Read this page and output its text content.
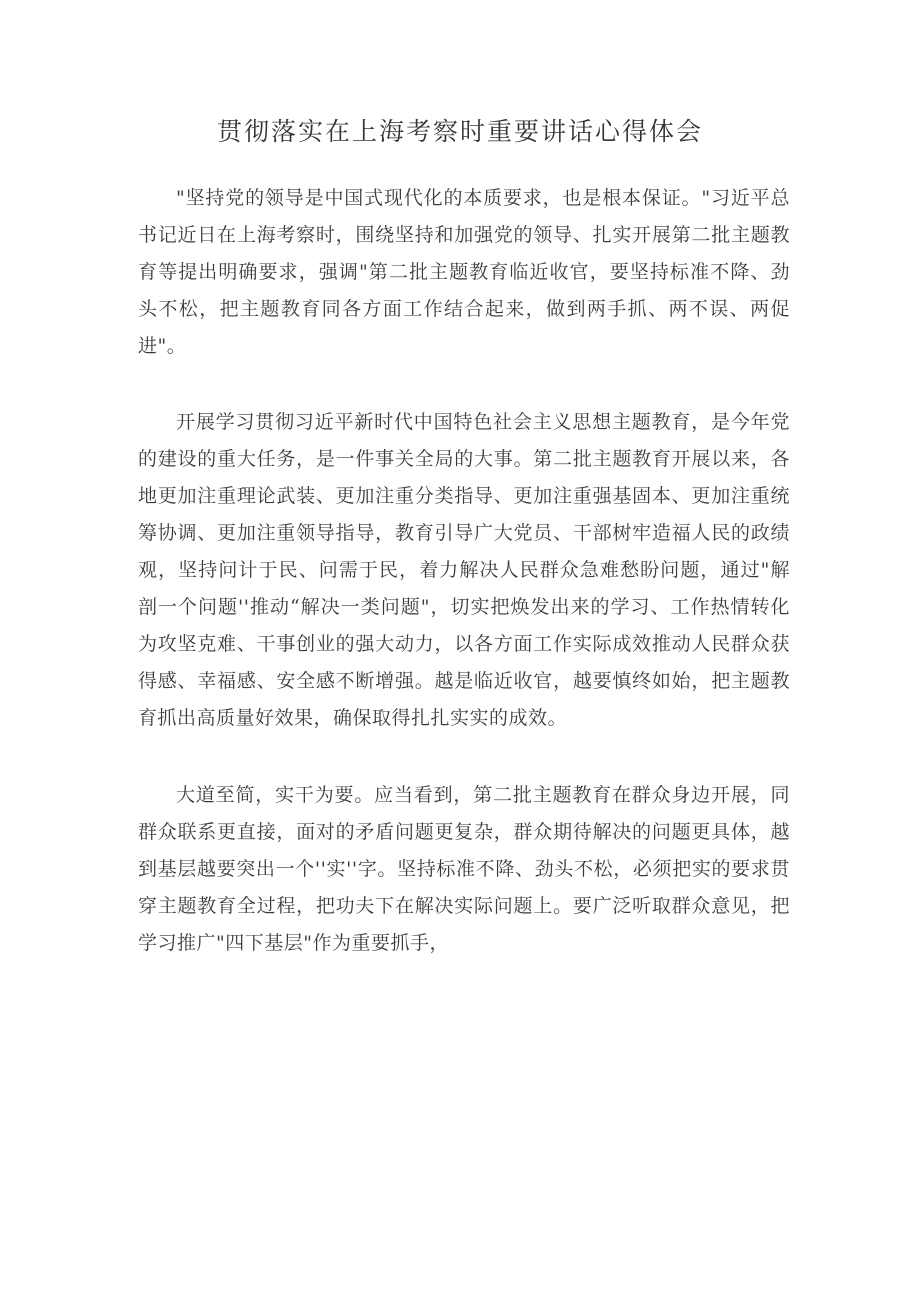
贯彻落实在上海考察时重要讲话心得体会

"坚持党的领导是中国式现代化的本质要求，也是根本保证。"习近平总书记近日在上海考察时，围绕坚持和加强党的领导、扎实开展第二批主题教育等提出明确要求，强调"第二批主题教育临近收官，要坚持标准不降、劲头不松，把主题教育同各方面工作结合起来，做到两手抓、两不误、两促进"。

开展学习贯彻习近平新时代中国特色社会主义思想主题教育，是今年党的建设的重大任务，是一件事关全局的大事。第二批主题教育开展以来，各地更加注重理论武装、更加注重分类指导、更加注重强基固本、更加注重统筹协调、更加注重领导指导，教育引导广大党员、干部树牢造福人民的政绩观，坚持问计于民、问需于民，着力解决人民群众急难愁盼问题，通过"解剖一个问题''推动“解决一类问题"，切实把焕发出来的学习、工作热情转化为攻坚克难、干事创业的强大动力，以各方面工作实际成效推动人民群众获得感、幸福感、安全感不断增强。越是临近收官，越要慎终如始，把主题教育抓出高质量好效果，确保取得扎扎实实的成效。

大道至简，实干为要。应当看到，第二批主题教育在群众身边开展，同群众联系更直接，面对的矛盾问题更复杂，群众期待解决的问题更具体，越到基层越要突出一个''实''字。坚持标准不降、劲头不松，必须把实的要求贯穿主题教育全过程，把功夫下在解决实际问题上。要广泛听取群众意见，把学习推广"四下基层"作为重要抓手，
